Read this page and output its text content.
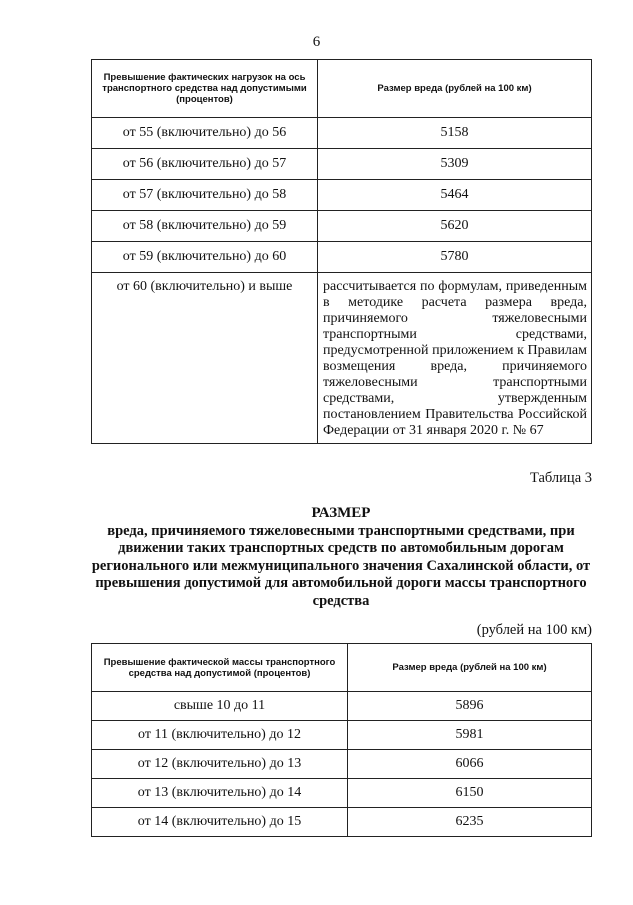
6
Превышение фактических нагрузок на ось транспортного средства над допустимыми (процентов)	Размер вреда (рублей на 100 км)
от 55 (включительно) до 56	5158
от 56 (включительно) до 57	5309
от 57 (включительно) до 58	5464
от 58 (включительно) до 59	5620
от 59 (включительно) до 60	5780
от 60 (включительно) и выше	рассчитывается по формулам, приведенным в методике расчета размера вреда, причиняемого тяжеловесными транспортными средствами, предусмотренной приложением к Правилам возмещения вреда, причиняемого тяжеловесными транспортными средствами, утвержденным постановлением Правительства Российской Федерации от 31 января 2020 г. № 67
Таблица 3
РАЗМЕР
вреда, причиняемого тяжеловесными транспортными средствами, при движении таких транспортных средств по автомобильным дорогам регионального или межмуниципального значения Сахалинской области, от превышения допустимой для автомобильной дороги массы транспортного средства
(рублей на 100 км)
Превышение фактической массы транспортного средства над допустимой (процентов)	Размер вреда (рублей на 100 км)
свыше 10 до 11	5896
от 11 (включительно) до 12	5981
от 12 (включительно) до 13	6066
от 13 (включительно) до 14	6150
от 14 (включительно) до 15	6235
